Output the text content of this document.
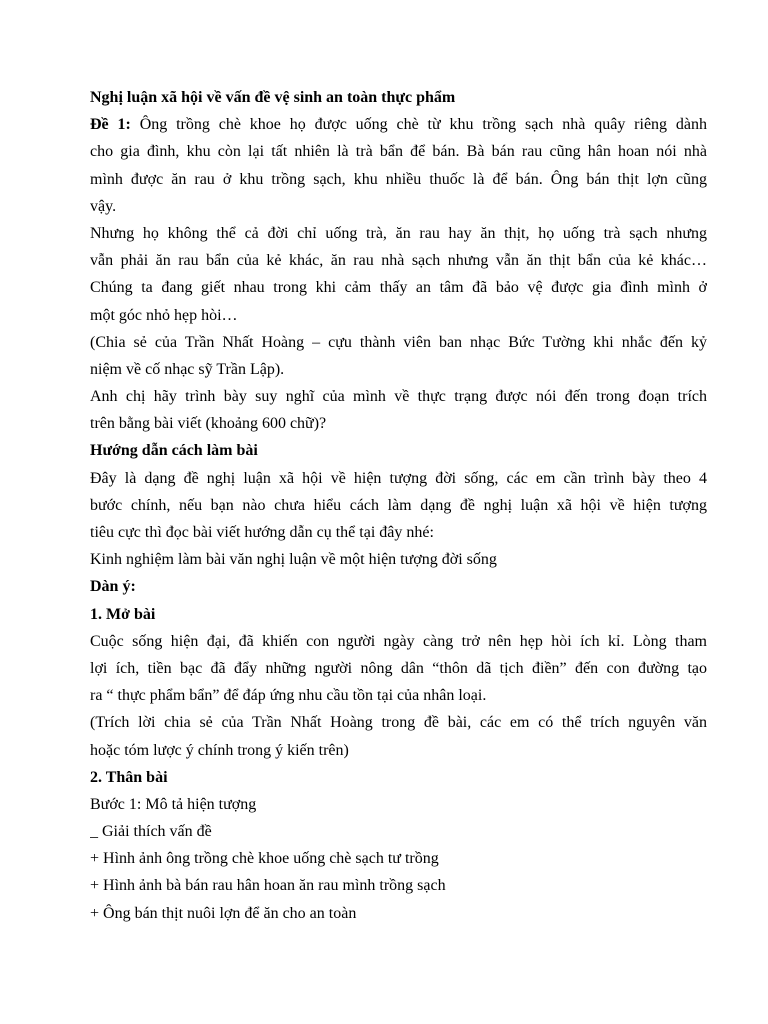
Nghị luận xã hội về vấn đề vệ sinh an toàn thực phẩm
Đề 1: Ông trồng chè khoe họ được uống chè từ khu trồng sạch nhà quây riêng dành
cho gia đình, khu còn lại tất nhiên là trà bẩn để bán. Bà bán rau cũng hân hoan nói nhà
mình được ăn rau ở khu trồng sạch, khu nhiều thuốc là để bán. Ông bán thịt lợn cũng
vậy.
Nhưng họ không thể cả đời chỉ uống trà, ăn rau hay ăn thịt, họ uống trà sạch nhưng
vẫn phải ăn rau bẩn của kẻ khác, ăn rau nhà sạch nhưng vẫn ăn thịt bẩn của kẻ khác…
Chúng ta đang giết nhau trong khi cảm thấy an tâm đã bảo vệ được gia đình mình ở
một góc nhỏ hẹp hòi…
(Chia sẻ của Trần Nhất Hoàng – cựu thành viên ban nhạc Bức Tường khi nhắc đến kỷ
niệm về cố nhạc sỹ Trần Lập).
Anh chị hãy trình bày suy nghĩ của mình về thực trạng được nói đến trong đoạn trích
trên bằng bài viết (khoảng 600 chữ)?
Hướng dẫn cách làm bài
Đây là dạng đề nghị luận xã hội về hiện tượng đời sống, các em cần trình bày theo 4
bước chính, nếu bạn nào chưa hiểu cách làm dạng đề nghị luận xã hội về hiện tượng
tiêu cực thì đọc bài viết hướng dẫn cụ thể tại đây nhé:
Kinh nghiệm làm bài văn nghị luận về một hiện tượng đời sống
Dàn ý:
1. Mở bài
Cuộc sống hiện đại, đã khiến con người ngày càng trở nên hẹp hòi ích kỉ. Lòng tham
lợi ích, tiền bạc đã đẩy những người nông dân “thôn dã tịch điền” đến con đường tạo
ra “ thực phẩm bẩn” để đáp ứng nhu cầu tồn tại của nhân loại.
(Trích lời chia sẻ của Trần Nhất Hoàng trong đề bài, các em có thể trích nguyên văn
hoặc tóm lược ý chính trong ý kiến trên)
2. Thân bài
Bước 1: Mô tả hiện tượng
_ Giải thích vấn đề
+ Hình ảnh ông trồng chè khoe uống chè sạch tư trồng
+ Hình ảnh bà bán rau hân hoan ăn rau mình trồng sạch
+ Ông bán thịt nuôi lợn để ăn cho an toàn
